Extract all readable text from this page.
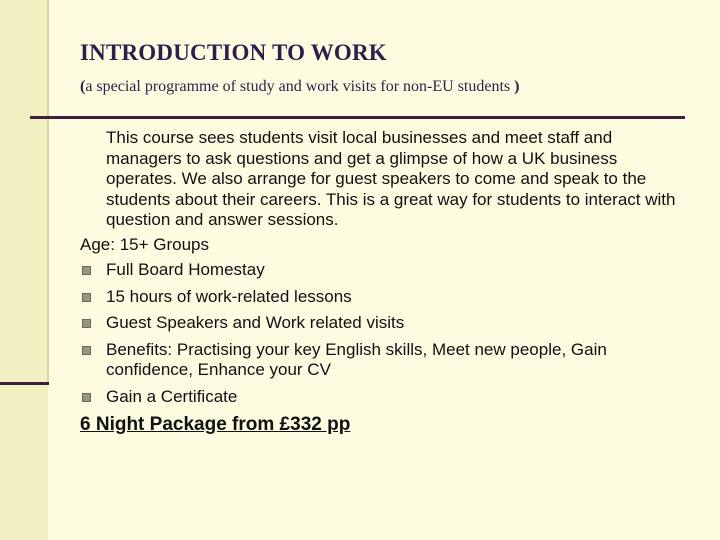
INTRODUCTION TO WORK

(a special programme of study and work visits for non-EU students )

This course sees students visit local businesses and meet staff and managers to ask questions and get a glimpse of how a UK business operates. We also arrange for guest speakers to come and speak to the students about their careers. This is a great way for students to interact with question and answer sessions.

Age: 15+ Groups

Full Board Homestay
15 hours of work-related lessons
Guest Speakers and Work related visits
Benefits: Practising your key English skills, Meet new people, Gain confidence, Enhance your CV
Gain a Certificate

6 Night Package from £332 pp
